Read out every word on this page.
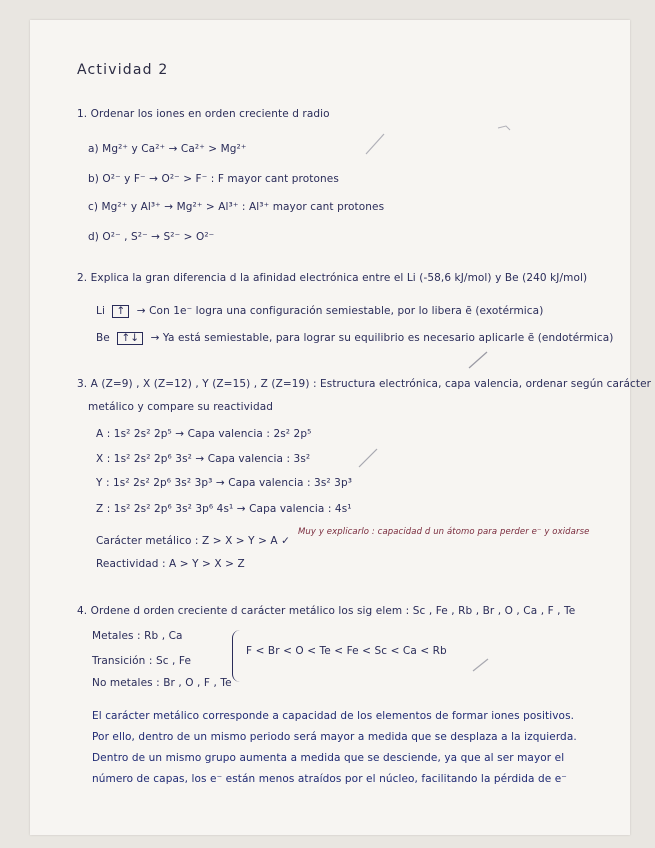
Actividad 2
1. Ordenar los iones en orden creciente d radio
a) Mg²⁺ y Ca²⁺ → Ca²⁺ > Mg²⁺
b) O²⁻ y F⁻ → O²⁻ > F⁻ : F mayor cant protones
c) Mg²⁺ y Al³⁺ → Mg²⁺ > Al³⁺ : Al³⁺ mayor cant protones
d) O²⁻ , S²⁻ → S²⁻ > O²⁻
2. Explica la gran diferencia d la afinidad electrónica entre el Li (-58,6 kJ/mol) y Be (240 kJ/mol)
Li ↑ → Con 1e⁻ logra una configuración semiestable, por lo libera ẽ (exotérmica)
Be ↑↓ → Ya está semiestable, para lograr su equilibrio es necesario aplicarle ẽ (endotérmica)
3. A (Z=9) , X (Z=12) , Y (Z=15) , Z (Z=19) : Estructura electrónica, capa valencia, ordenar según carácter
metálico y compare su reactividad
A : 1s² 2s² 2p⁵ → Capa valencia : 2s² 2p⁵
X : 1s² 2s² 2p⁶ 3s² → Capa valencia : 3s²
Y : 1s² 2s² 2p⁶ 3s² 3p³ → Capa valencia : 3s² 3p³
Z : 1s² 2s² 2p⁶ 3s² 3p⁶ 4s¹ → Capa valencia : 4s¹
Carácter metálico : Z > X > Y > A ✓
Muy y explicarlo : capacidad d un átomo para perder e⁻ y oxidarse
Reactividad : A > Y > X > Z
4. Ordene d orden creciente d carácter metálico los sig elem : Sc , Fe , Rb , Br , O , Ca , F , Te
Metales : Rb , Ca
Transición : Sc , Fe
No metales : Br , O , F , Te
F < Br < O < Te < Fe < Sc < Ca < Rb
El carácter metálico corresponde a capacidad de los elementos de formar iones positivos. Por ello, dentro de un mismo periodo será mayor a medida que se desplaza a la izquierda. Dentro de un mismo grupo aumenta a medida que se desciende, ya que al ser mayor el número de capas, los e⁻ están menos atraídos por el núcleo, facilitando la pérdida de e⁻
